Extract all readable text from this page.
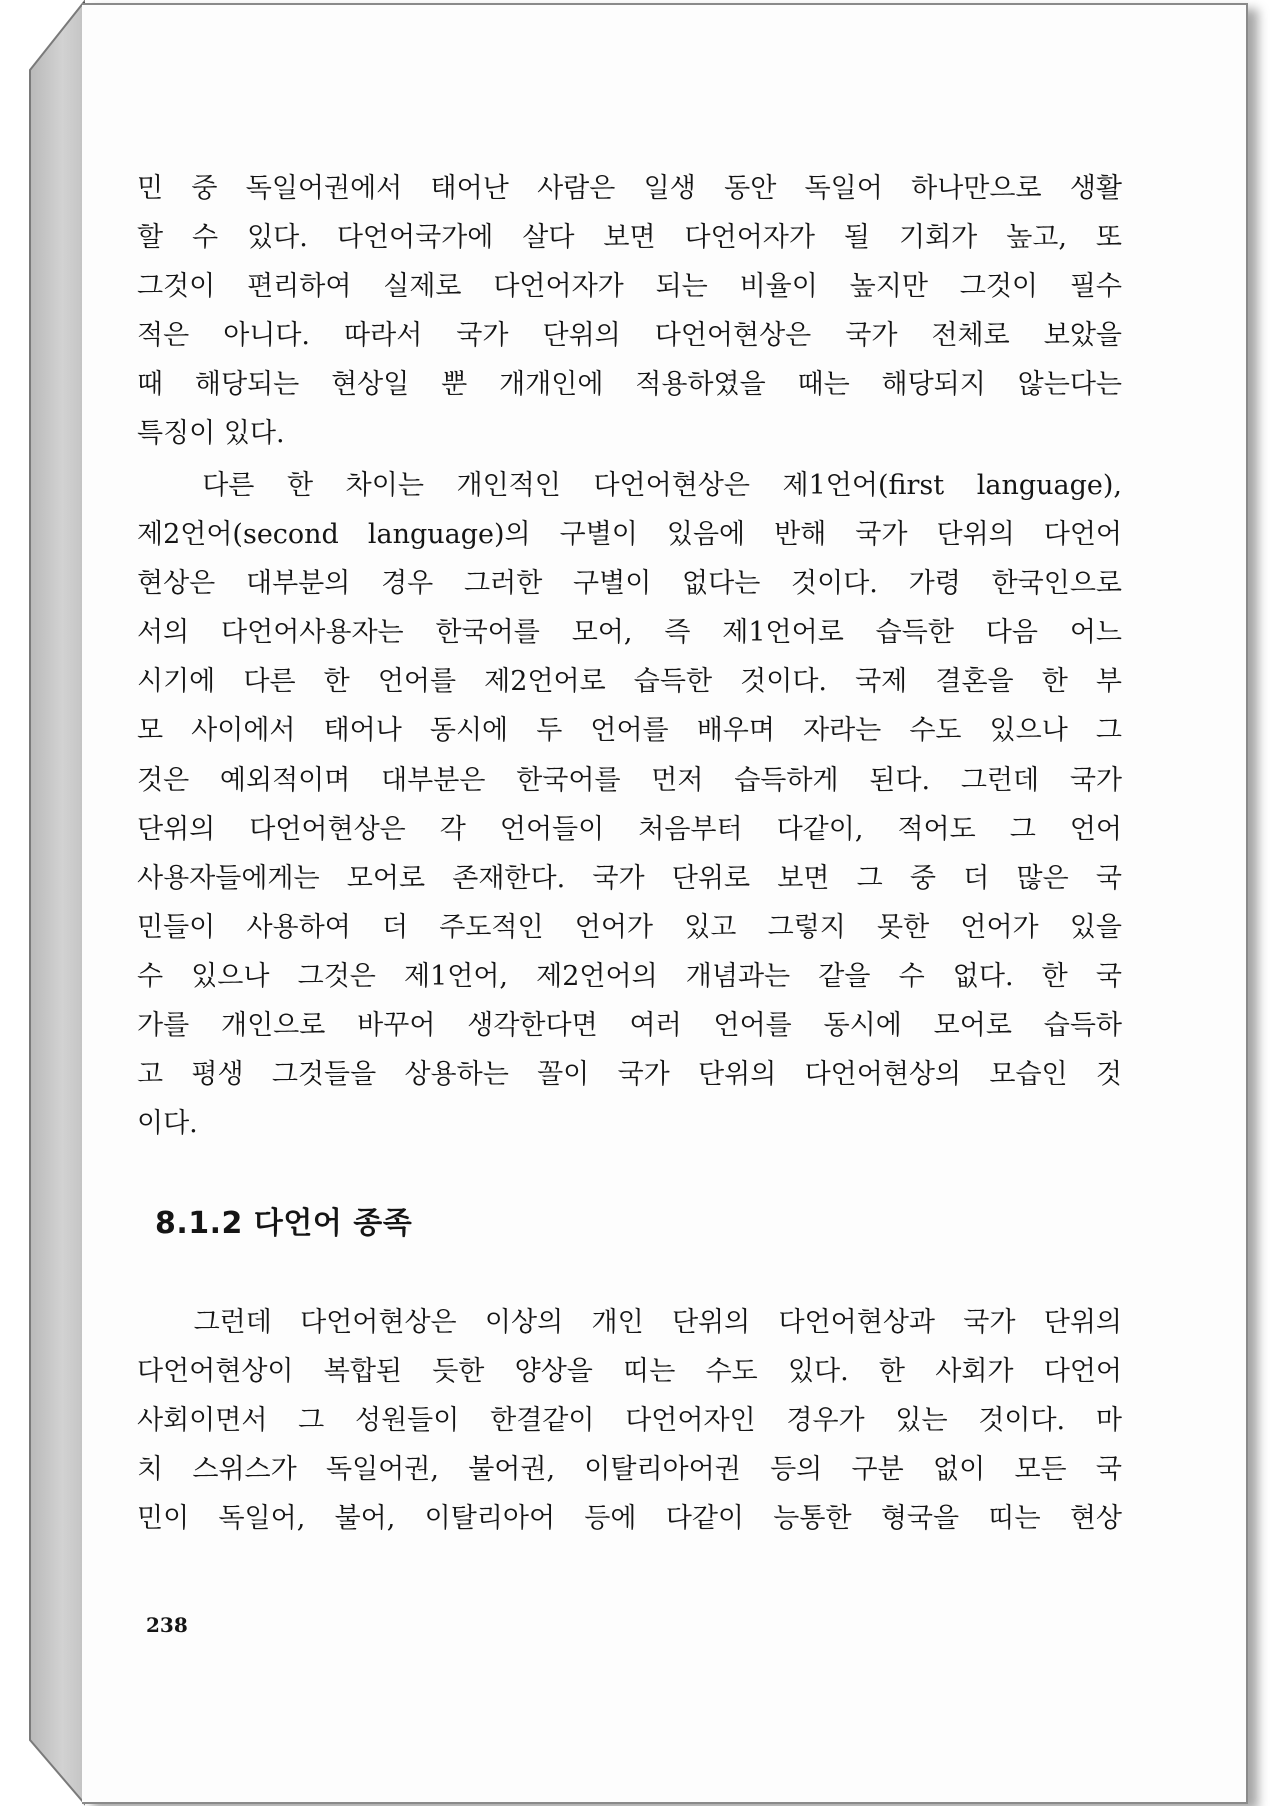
민 중 독일어권에서 태어난 사람은 일생 동안 독일어 하나만으로 생활
할 수 있다. 다언어국가에 살다 보면 다언어자가 될 기회가 높고, 또
그것이 편리하여 실제로 다언어자가 되는 비율이 높지만 그것이 필수
적은 아니다. 따라서 국가 단위의 다언어현상은 국가 전체로 보았을
때 해당되는 현상일 뿐 개개인에 적용하였을 때는 해당되지 않는다는
특징이 있다.
다른 한 차이는 개인적인 다언어현상은 제1언어(first language),
제2언어(second language)의 구별이 있음에 반해 국가 단위의 다언어
현상은 대부분의 경우 그러한 구별이 없다는 것이다. 가령 한국인으로
서의 다언어사용자는 한국어를 모어, 즉 제1언어로 습득한 다음 어느
시기에 다른 한 언어를 제2언어로 습득한 것이다. 국제 결혼을 한 부
모 사이에서 태어나 동시에 두 언어를 배우며 자라는 수도 있으나 그
것은 예외적이며 대부분은 한국어를 먼저 습득하게 된다. 그런데 국가
단위의 다언어현상은 각 언어들이 처음부터 다같이, 적어도 그 언어
사용자들에게는 모어로 존재한다. 국가 단위로 보면 그 중 더 많은 국
민들이 사용하여 더 주도적인 언어가 있고 그렇지 못한 언어가 있을
수 있으나 그것은 제1언어, 제2언어의 개념과는 같을 수 없다. 한 국
가를 개인으로 바꾸어 생각한다면 여러 언어를 동시에 모어로 습득하
고 평생 그것들을 상용하는 꼴이 국가 단위의 다언어현상의 모습인 것
이다.
8.1.2 다언어 종족
그런데 다언어현상은 이상의 개인 단위의 다언어현상과 국가 단위의
다언어현상이 복합된 듯한 양상을 띠는 수도 있다. 한 사회가 다언어
사회이면서 그 성원들이 한결같이 다언어자인 경우가 있는 것이다. 마
치 스위스가 독일어권, 불어권, 이탈리아어권 등의 구분 없이 모든 국
민이 독일어, 불어, 이탈리아어 등에 다같이 능통한 형국을 띠는 현상
238
